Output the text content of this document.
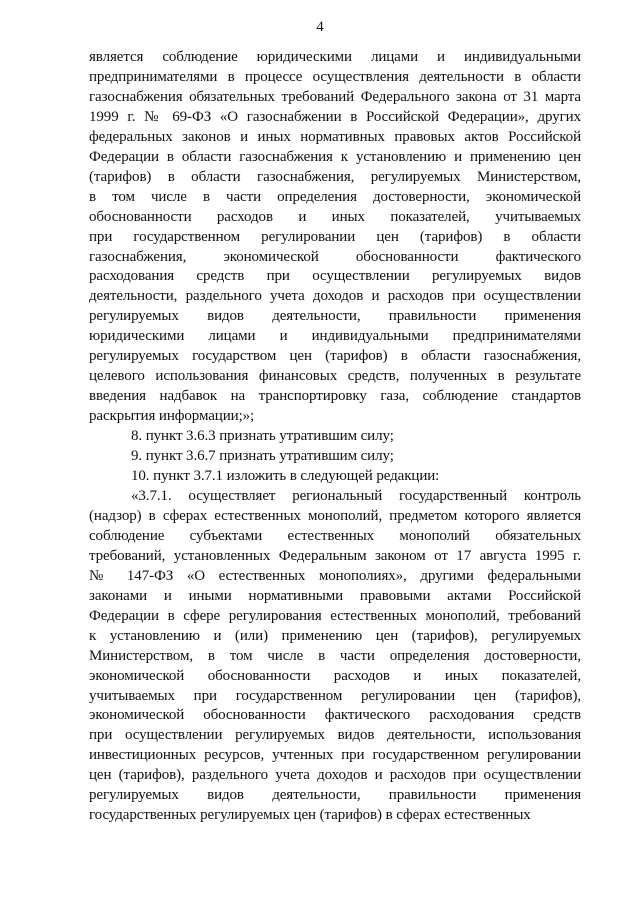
4
является соблюдение юридическими лицами и индивидуальными
предпринимателями в процессе осуществления деятельности в области
газоснабжения обязательных требований Федерального закона от 31 марта
1999 г. № 69-ФЗ «О газоснабжении в Российской Федерации», других
федеральных законов и иных нормативных правовых актов Российской
Федерации в области газоснабжения к установлению и применению цен
(тарифов) в области газоснабжения, регулируемых Министерством,
в том числе в части определения достоверности, экономической
обоснованности расходов и иных показателей, учитываемых
при государственном регулировании цен (тарифов) в области
газоснабжения, экономической обоснованности фактического
расходования средств при осуществлении регулируемых видов
деятельности, раздельного учета доходов и расходов при осуществлении
регулируемых видов деятельности, правильности применения
юридическими лицами и индивидуальными предпринимателями
регулируемых государством цен (тарифов) в области газоснабжения,
целевого использования финансовых средств, полученных в результате
введения надбавок на транспортировку газа, соблюдение стандартов
раскрытия информации;»;
8. пункт 3.6.3 признать утратившим силу;
9. пункт 3.6.7 признать утратившим силу;
10. пункт 3.7.1 изложить в следующей редакции:
«3.7.1. осуществляет региональный государственный контроль
(надзор) в сферах естественных монополий, предметом которого является
соблюдение субъектами естественных монополий обязательных
требований, установленных Федеральным законом от 17 августа 1995 г.
№ 147-ФЗ «О естественных монополиях», другими федеральными
законами и иными нормативными правовыми актами Российской
Федерации в сфере регулирования естественных монополий, требований
к установлению и (или) применению цен (тарифов), регулируемых
Министерством, в том числе в части определения достоверности,
экономической обоснованности расходов и иных показателей,
учитываемых при государственном регулировании цен (тарифов),
экономической обоснованности фактического расходования средств
при осуществлении регулируемых видов деятельности, использования
инвестиционных ресурсов, учтенных при государственном регулировании
цен (тарифов), раздельного учета доходов и расходов при осуществлении
регулируемых видов деятельности, правильности применения
государственных регулируемых цен (тарифов) в сферах естественных
